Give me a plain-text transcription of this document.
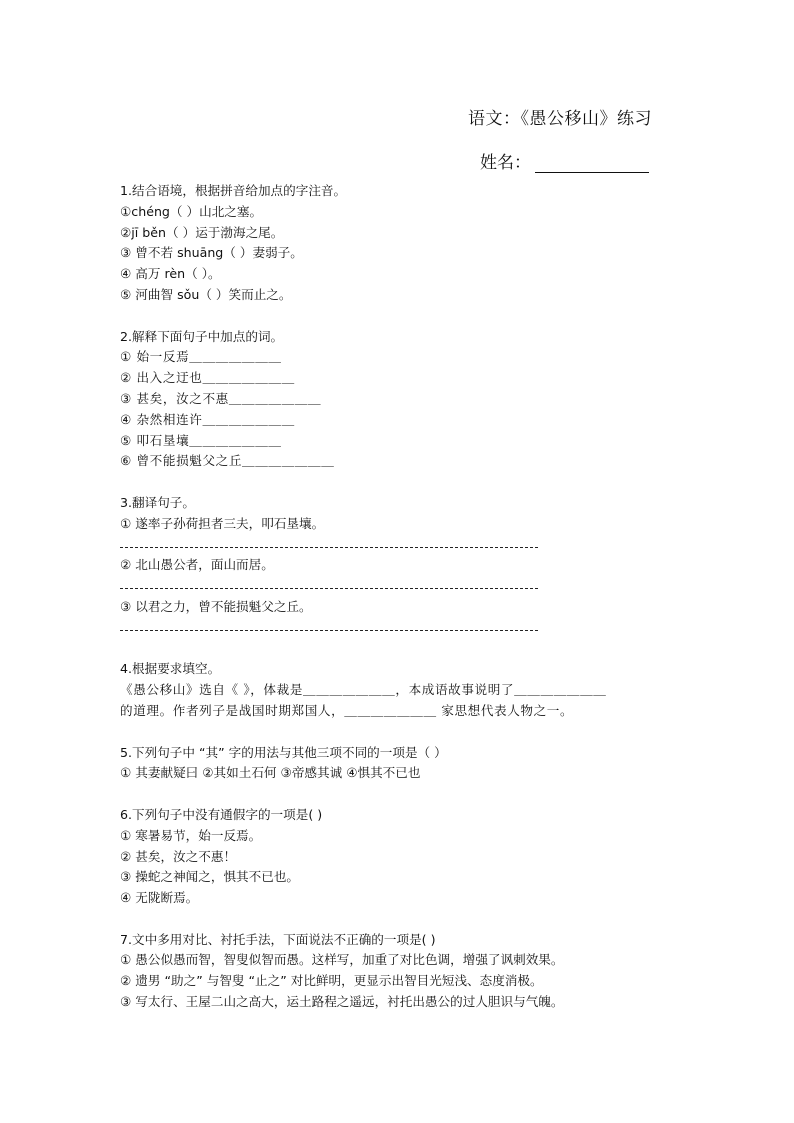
语文：《愚公移山》练习
姓名：
1.结合语境，根据拼音给加点的字注音。
①chéng（ ）山北之塞。
②jī běn（ ）运于渤海之尾。
③ 曾不若 shuāng（ ）妻弱子。
④ 高万 rèn（ ）。
⑤ 河曲智 sǒu（ ）笑而止之。
2.解释下面句子中加点的词。
① 始一反焉＿＿＿＿＿＿＿
② 出入之迂也＿＿＿＿＿＿＿
③ 甚矣，汝之不惠＿＿＿＿＿＿＿
④ 杂然相连许＿＿＿＿＿＿＿
⑤ 叩石垦壤＿＿＿＿＿＿＿
⑥ 曾不能损魁父之丘＿＿＿＿＿＿＿
3.翻译句子。
① 遂率子孙荷担者三夫，叩石垦壤。
② 北山愚公者，面山而居。
③ 以君之力，曾不能损魁父之丘。
4.根据要求填空。
《愚公移山》选自《 》，体裁是＿＿＿＿＿＿＿，本成语故事说明了＿＿＿＿＿＿＿
的道理。作者列子是战国时期郑国人，＿＿＿＿＿＿＿ 家思想代表人物之一。
5.下列句子中 “其” 字的用法与其他三项不同的一项是（ ）
① 其妻献疑曰 ②其如土石何 ③帝感其诚 ④惧其不已也
6.下列句子中没有通假字的一项是( )
① 寒暑易节，始一反焉。
② 甚矣，汝之不惠！
③ 操蛇之神闻之，惧其不已也。
④ 无陇断焉。
7.文中多用对比、衬托手法，下面说法不正确的一项是( )
① 愚公似愚而智，智叟似智而愚。这样写，加重了对比色调，增强了讽刺效果。
② 遗男 “助之” 与智叟 “止之” 对比鲜明，更显示出智目光短浅、态度消极。
③ 写太行、王屋二山之高大，运土路程之遥远，衬托出愚公的过人胆识与气魄。
